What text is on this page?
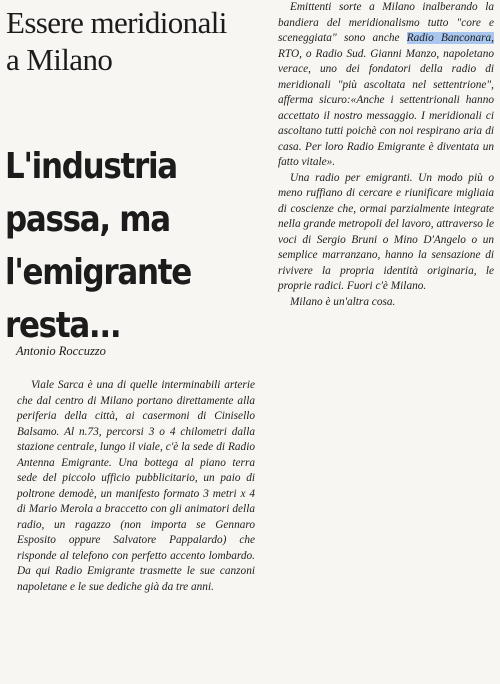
Essere meridionali
a Milano
L'industria
passa, ma
l'emigrante
resta...

Antonio Roccuzzo

Viale Sarca è una di quelle interminabili arterie che dal centro di Milano portano direttamente alla periferia della città, ai casermoni di Cinisello Balsamo. Al n.73, percorsi 3 o 4 chilometri dalla stazione centrale, lungo il viale, c'è la sede di Radio Antenna Emigrante. Una bottega al piano terra sede del piccolo ufficio pubblicitario, un paio di poltrone demodè, un manifesto formato 3 metri x 4 di Mario Merola a braccetto con gli animatori della radio, un ragazzo (non importa se Gennaro Esposito oppure Salvatore Pappalardo) che risponde al telefono con perfetto accento lombardo. Da qui Radio Emigrante trasmette le sue canzoni napoletane e le sue dediche già da tre anni.

Emittenti sorte a Milano inalberando la bandiera del meridionalismo tutto "core e sceneggiata" sono anche Radio Banconara, RTO, o Radio Sud. Gianni Manzo, napoletano verace, uno dei fondatori della radio di meridionali "più ascoltata nel settentrione", afferma sicuro:«Anche i settentrionali hanno accettato il nostro messaggio. I meridionali ci ascoltano tutti poichè con noi respirano aria di casa. Per loro Radio Emigrante è diventata un fatto vitale».

Una radio per emigranti. Un modo più o meno ruffiano di cercare e riunificare migliaia di coscienze che, ormai parzialmente integrate nella grande metropoli del lavoro, attraverso le voci di Sergio Bruni o Mino D'Angelo o un semplice marranzano, hanno la sensazione di rivivere la propria identità originaria, le proprie radici. Fuori c'è Milano.

Milano è un'altra cosa.
